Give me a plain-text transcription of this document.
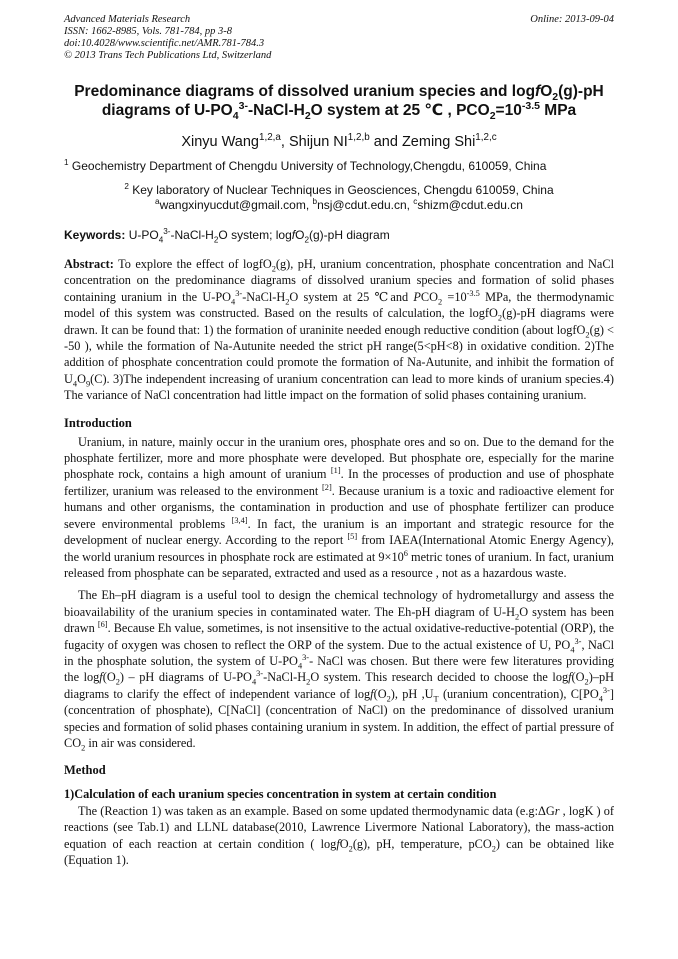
Advanced Materials Research
ISSN: 1662-8985, Vols. 781-784, pp 3-8
doi:10.4028/www.scientific.net/AMR.781-784.3
© 2013 Trans Tech Publications Ltd, Switzerland
Online: 2013-09-04
Predominance diagrams of dissolved uranium species and logfO$_2$(g)-pH
diagrams of $U-PO_4^{3-}-NaCl-H_2O$ system at 25 ℃ , $PCO_2=10^{-3.5}$ MPa
Xinyu Wang$^{1,2,a}$, Shijun NI$^{1,2,b}$ and Zeming Shi$^{1,2,c}$
$^1$ Geochemistry Department of Chengdu University of Technology,Chengdu, 610059, China
$^2$ Key laboratory of Nuclear Techniques in Geosciences, Chengdu 610059, China
$^a$wangxinyucdut@gmail.com, $^b$nsj@cdut.edu.cn, $^c$shizm@cdut.edu.cn
Keywords: $U-PO_4^{3-}-NaCl-H_2O$ system; logfO$_2$(g)-pH diagram
Abstract: To explore the effect of logfO$_2$(g), pH, uranium concentration, phosphate concentration and NaCl concentration on the predominance diagrams of dissolved uranium species and formation of solid phases containing uranium in the $U-PO_4^{3-}-NaCl-H_2O$ system at 25 ℃and $PCO_2 =10^{-3.5}$ MPa, the thermodynamic model of this system was constructed. Based on the results of calculation, the logfO$_2$(g)-pH diagrams were drawn. It can be found that: 1) the formation of uraninite needed enough reductive condition (about logfO$_2$(g) < -50 ), while the formation of Na-Autunite needed the strict pH range(5<pH<8) in oxidative condition. 2)The addition of phosphate concentration could promote the formation of Na-Autunite, and inhibit the formation of $U_4O_9(C)$. 3)The independent increasing of uranium concentration can lead to more kinds of uranium species.4) The variance of NaCl concentration had little impact on the formation of solid phases containing uranium.
Introduction
Uranium, in nature, mainly occur in the uranium ores, phosphate ores and so on. Due to the demand for the phosphate fertilizer, more and more phosphate were developed. But phosphate ore, especially for the marine phosphate rock, contains a high amount of uranium [1]. In the processes of production and use of phosphate fertilizer, uranium was released to the environment [2]. Because uranium is a toxic and radioactive element for humans and other organisms, the contamination in production and use of phosphate fertilizer can produce severe environmental problems [3,4]. In fact, the uranium is an important and strategic resource for the development of nuclear energy. According to the report [5] from IAEA(International Atomic Energy Agency), the world uranium resources in phosphate rock are estimated at $9\times 10^6$ metric tones of uranium. In fact, uranium released from phosphate can be separated, extracted and used as a resource , not as a hazardous waste.
The Eh–pH diagram is a useful tool to design the chemical technology of hydrometallurgy and assess the bioavailability of the uranium species in contaminated water. The Eh-pH diagram of $U-H_2O$ system has been drawn [6]. Because Eh value, sometimes, is not insensitive to the actual oxidative-reductive-potential (ORP), the fugacity of oxygen was chosen to reflect the ORP of the system. Due to the actual existence of U, $PO_4^{3-}$, NaCl in the phosphate solution, the system of $U-PO_4^{3-}-$ NaCl was chosen. But there were few literatures providing the $\log f(O_2)$ – pH diagrams of $U-PO_4^{3-}-NaCl-H_2O$ system. This research decided to choose the $\log f(O_2)-pH$ diagrams to clarify the effect of independent variance of $\log f(O_2)$, pH $,U_T$ (uranium concentration), $C[PO_4^{3-}]$ (concentration of phosphate), C[NaCl] (concentration of NaCl) on the predominance of dissolved uranium species and formation of solid phases containing uranium in system. In addition, the effect of partial pressure of $CO_2$ in air was considered.
Method
1)Calculation of each uranium species concentration in system at certain condition
The (Reaction 1) was taken as an example. Based on some updated thermodynamic data (e.g:ΔGr , logK ) of reactions (see Tab.1) and LLNL database(2010, Lawrence Livermore National Laboratory), the mass-action equation of each reaction at certain condition ( logfO$_2$(g), pH, temperature, pCO$_2$) can be obtained like (Equation 1).
